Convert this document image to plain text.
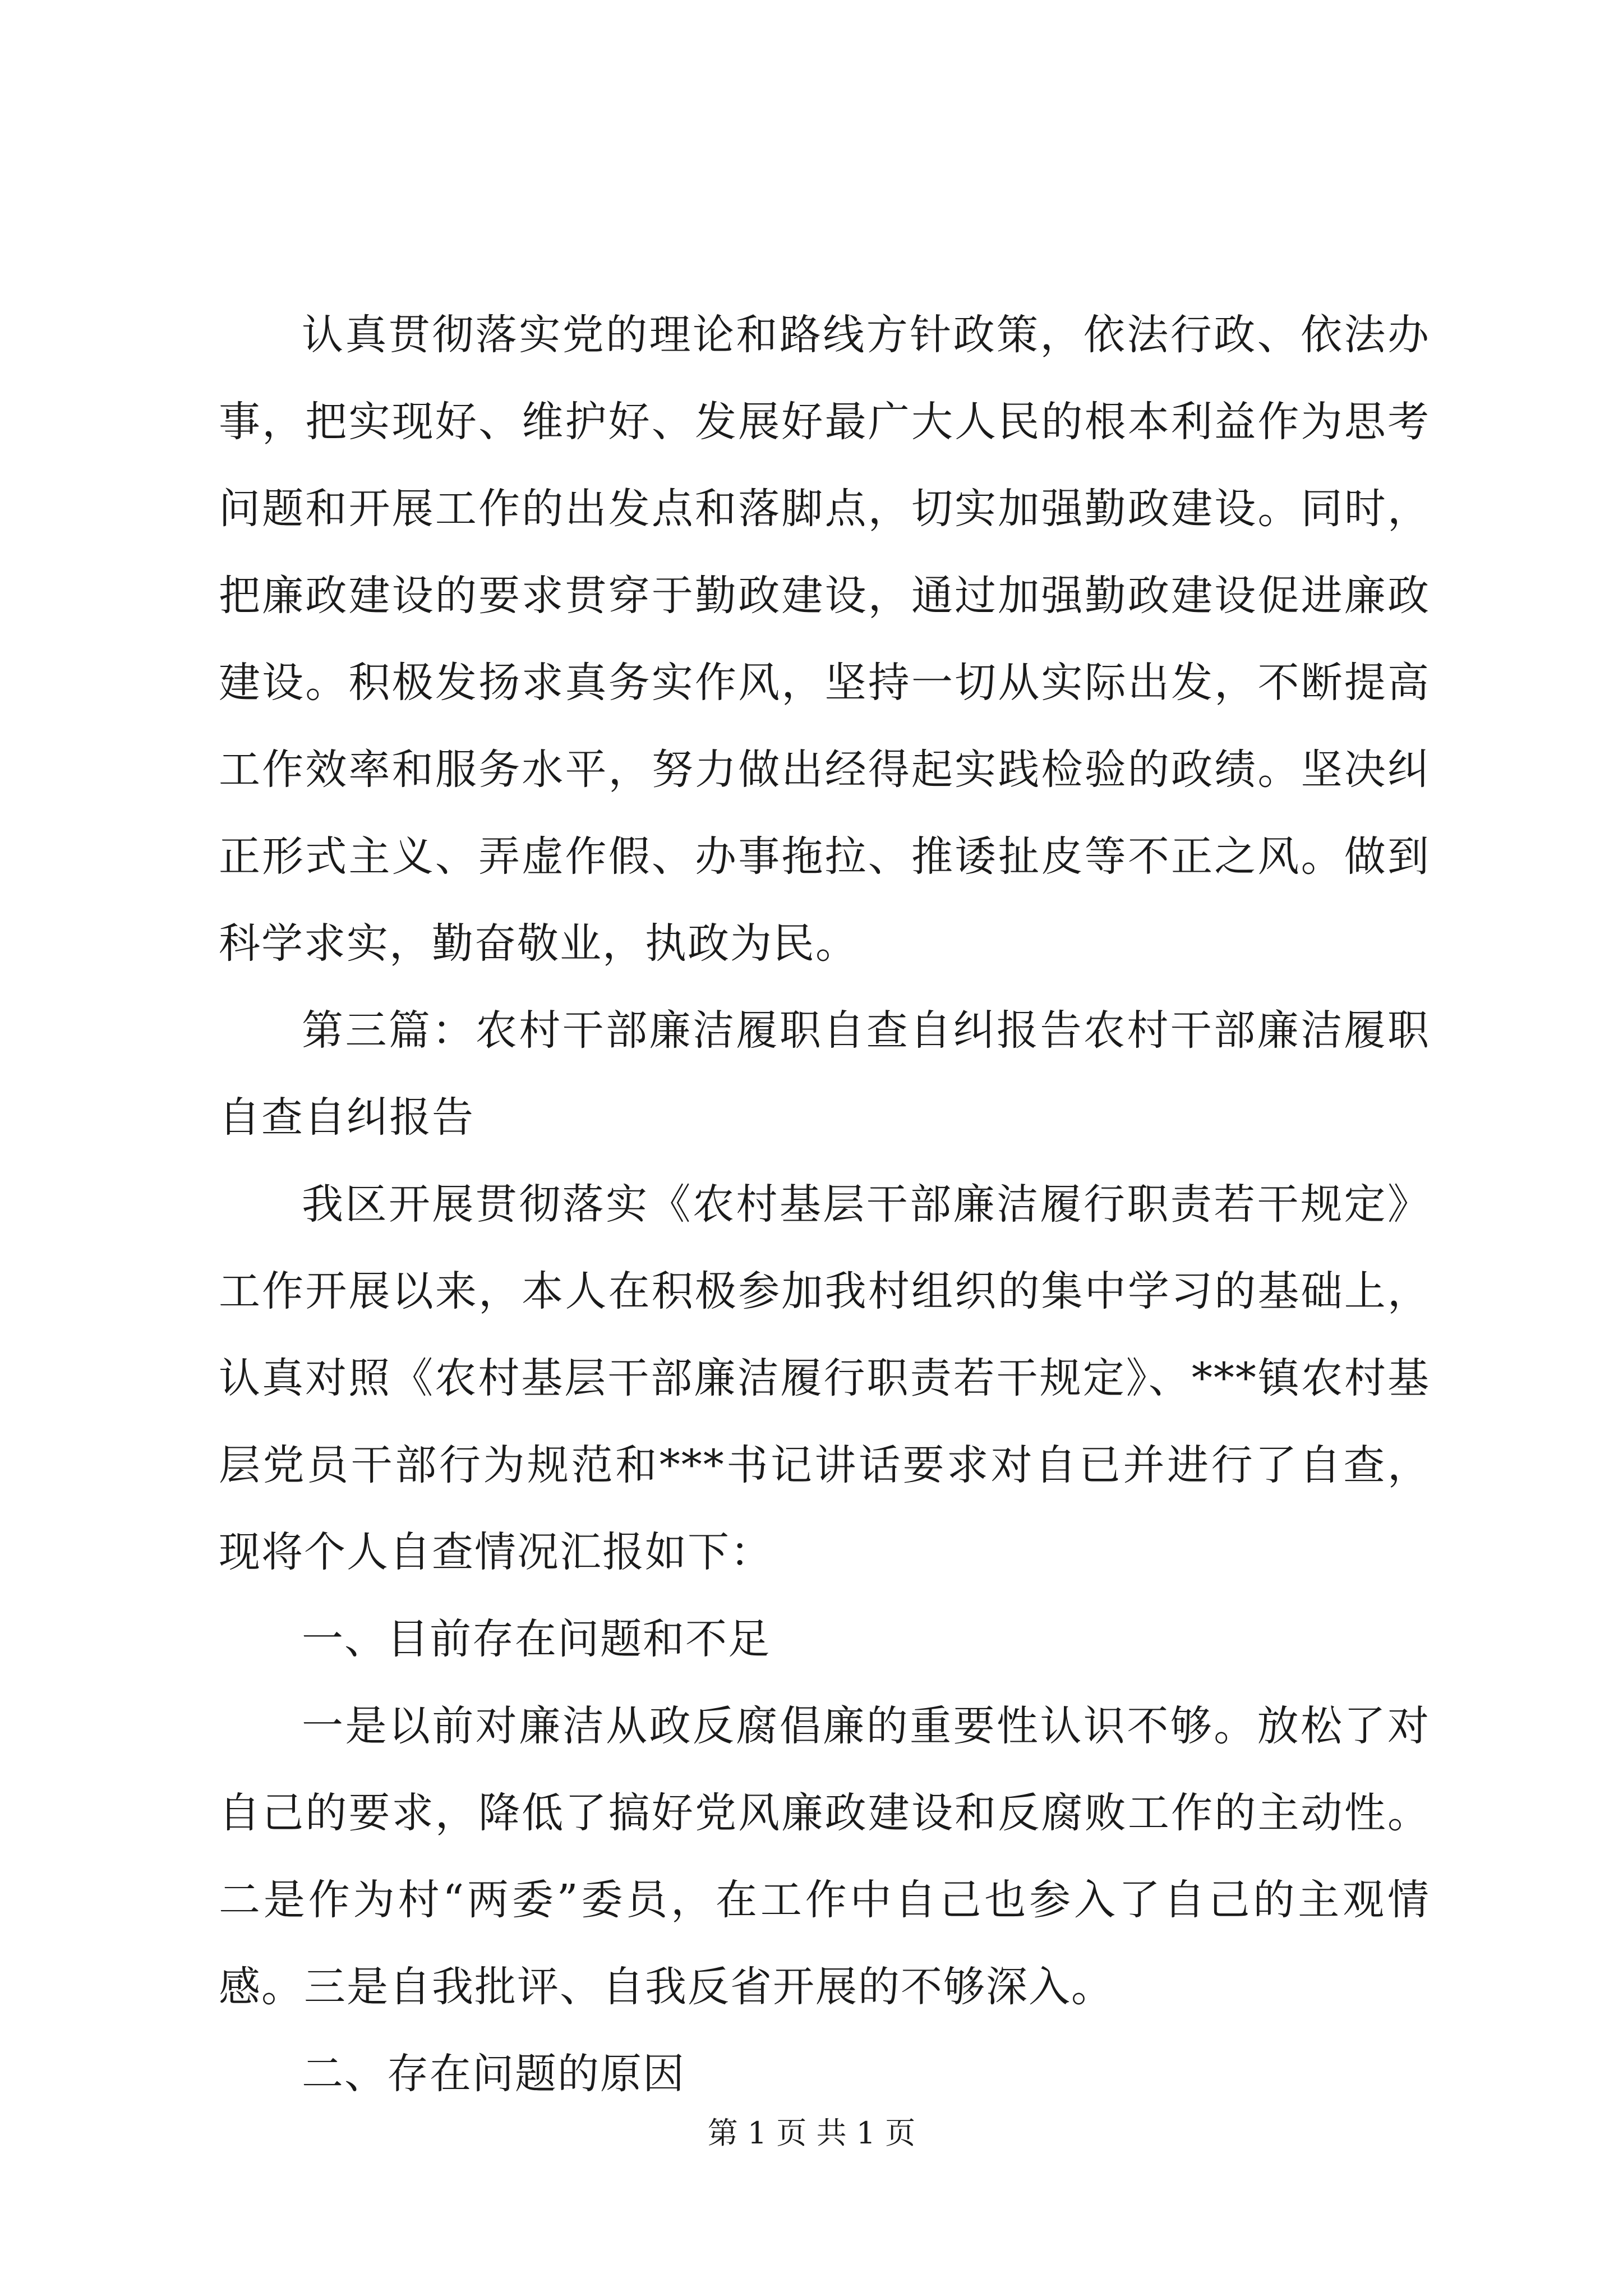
认真贯彻落实党的理论和路线方针政策，依法行政、依法办事，把实现好、维护好、发展好最广大人民的根本利益作为思考问题和开展工作的出发点和落脚点，切实加强勤政建设。同时，把廉政建设的要求贯穿于勤政建设，通过加强勤政建设促进廉政建设。积极发扬求真务实作风，坚持一切从实际出发，不断提高工作效率和服务水平，努力做出经得起实践检验的政绩。坚决纠正形式主义、弄虚作假、办事拖拉、推诿扯皮等不正之风。做到科学求实，勤奋敬业，执政为民。

第三篇：农村干部廉洁履职自查自纠报告农村干部廉洁履职自查自纠报告

我区开展贯彻落实《农村基层干部廉洁履行职责若干规定》工作开展以来，本人在积极参加我村组织的集中学习的基础上，认真对照《农村基层干部廉洁履行职责若干规定》、***镇农村基层党员干部行为规范和***书记讲话要求对自已并进行了自查，现将个人自查情况汇报如下：

一、目前存在问题和不足

一是以前对廉洁从政反腐倡廉的重要性认识不够。放松了对自己的要求，降低了搞好党风廉政建设和反腐败工作的主动性。二是作为村“两委”委员，在工作中自己也参入了自己的主观情感。三是自我批评、自我反省开展的不够深入。

二、存在问题的原因

第 1 页 共 1 页
